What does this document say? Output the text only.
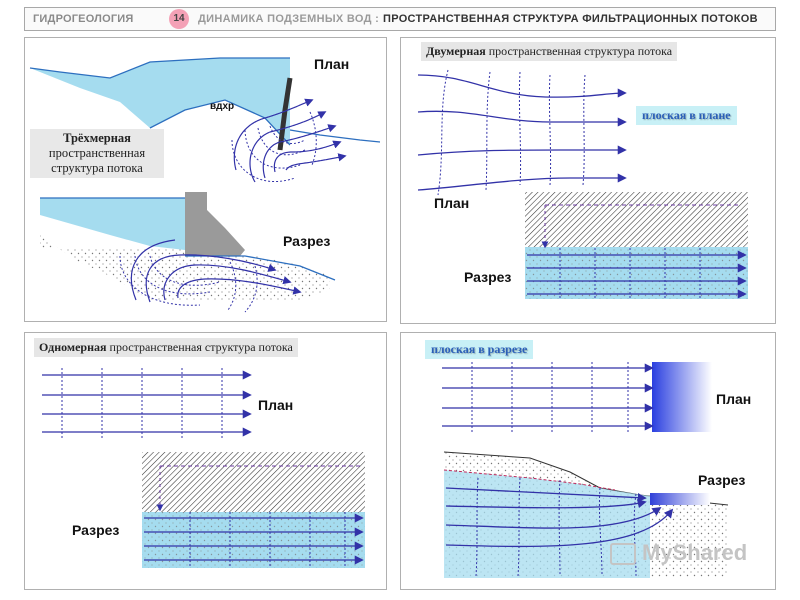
ГИДРОГЕОЛОГИЯ	14	ДИНАМИКА ПОДЗЕМНЫХ ВОД : ПРОСТРАНСТВЕННАЯ СТРУКТУРА ФИЛЬТРАЦИОННЫХ ПОТОКОВ
План
вдхр
Трёхмерная
пространственная
структура потока
Разрез
Двумерная пространственная структура потока
плоская в плане
План
Разрез
Одномерная пространственная структура потока
План
Разрез
плоская в разрезе
План
Разрез
MyShared
